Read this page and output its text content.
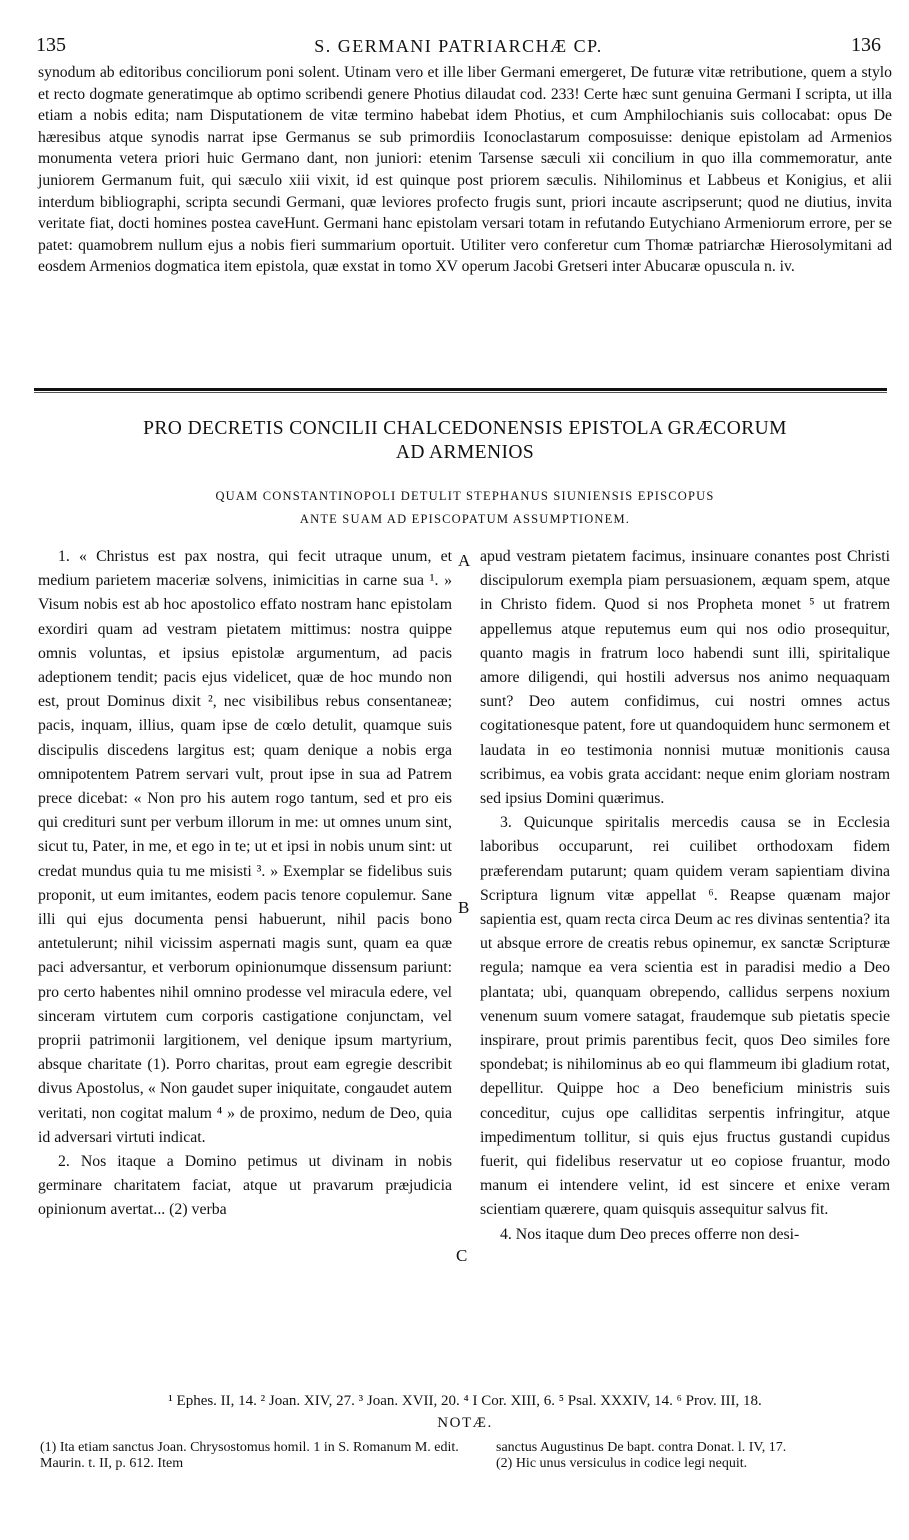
135	S. GERMANI PATRIARCHÆ CP.	136

synodum ab editoribus conciliorum poni solent. Utinam vero et ille liber Germani emergeret, De futuræ vitæ retributione, quem a stylo et recto dogmate generatimque ab optimo scribendi genere Photius dilaudat cod. 233! Certe hæc sunt genuina Germani I scripta, ut illa etiam a nobis edita; nam Disputationem de vitæ termino habebat idem Photius, et cum Amphilochianis suis collocabat: opus De hæresibus atque synodis narrat ipse Germanus se sub primordiis Iconoclastarum composuisse: denique epistolam ad Armenios monumenta vetera priori huic Germano dant, non juniori: etenim Tarsense sæculi xii concilium in quo illa commemoratur, ante juniorem Germanum fuit, qui sæculo xiii vixit, id est quinque post priorem sæculis. Nihilominus et Labbeus et Konigius, et alii interdum bibliographi, scripta secundi Germani, quæ leviores profecto frugis sunt, priori incaute ascripserunt; quod ne diutius, invita veritate fiat, docti homines postea caveHunt. Germani hanc epistolam versari totam in refutando Eutychiano Armeniorum errore, per se patet: quamobrem nullum ejus a nobis fieri summarium oportuit. Utiliter vero conferetur cum Thomæ patriarchæ Hierosolymitani ad eosdem Armenios dogmatica item epistola, quæ exstat in tomo XV operum Jacobi Gretseri inter Abucaræ opuscula n. iv.

PRO DECRETIS CONCILII CHALCEDONENSIS EPISTOLA GRÆCORUM
AD ARMENIOS
QUAM CONSTANTINOPOLI DETULIT STEPHANUS SIUNIENSIS EPISCOPUS
ANTE SUAM AD EPISCOPATUM ASSUMPTIONEM.

1. « Christus est pax nostra, qui fecit utraque unum, et medium parietem maceriæ solvens, inimicitias in carne sua ¹. » Visum nobis est ab hoc apostolico effato nostram hanc epistolam exordiri quam ad vestram pietatem mittimus: nostra quippe omnis voluntas, et ipsius epistolæ argumentum, ad pacis adeptionem tendit; pacis ejus videlicet, quæ de hoc mundo non est, prout Dominus dixit ², nec visibilibus rebus consentaneæ; pacis, inquam, illius, quam ipse de cœlo detulit, quamque suis discipulis discedens largitus est; quam denique a nobis erga omnipotentem Patrem servari vult, prout ipse in sua ad Patrem prece dicebat: « Non pro his autem rogo tantum, sed et pro eis qui credituri sunt per verbum illorum in me: ut omnes unum sint, sicut tu, Pater, in me, et ego in te; ut et ipsi in nobis unum sint: ut credat mundus quia tu me misisti ³. » Exemplar se fidelibus suis proponit, ut eum imitantes, eodem pacis tenore copulemur. Sane illi qui ejus documenta pensi habuerunt, nihil pacis bono antetulerunt; nihil vicissim aspernati magis sunt, quam ea quæ paci adversantur, et verborum opinionumque dissensum pariunt: pro certo habentes nihil omnino prodesse vel miracula edere, vel sinceram virtutem cum corporis castigatione conjunctam, vel proprii patrimonii largitionem, vel denique ipsum martyrium, absque charitate (1). Porro charitas, prout eam egregie describit divus Apostolus, « Non gaudet super iniquitate, congaudet autem veritati, non cogitat malum ⁴ » de proximo, nedum de Deo, quia id adversari virtuti indicat.

2. Nos itaque a Domino petimus ut divinam in nobis germinare charitatem faciat, atque ut pravarum præjudicia opinionum avertat... (2) verba

A
B
C

apud vestram pietatem facimus, insinuare conantes post Christi discipulorum exempla piam persuasionem, æquam spem, atque in Christo fidem. Quod si nos Propheta monet ⁵ ut fratrem appellemus atque reputemus eum qui nos odio prosequitur, quanto magis in fratrum loco habendi sunt illi, spiritalique amore diligendi, qui hostili adversus nos animo nequaquam sunt? Deo autem confidimus, cui nostri omnes actus cogitationesque patent, fore ut quandoquidem hunc sermonem et laudata in eo testimonia nonnisi mutuæ monitionis causa scribimus, ea vobis grata accidant: neque enim gloriam nostram sed ipsius Domini quærimus.

3. Quicunque spiritalis mercedis causa se in Ecclesia laboribus occuparunt, rei cuilibet orthodoxam fidem præferendam putarunt; quam quidem veram sapientiam divina Scriptura lignum vitæ appellat ⁶. Reapse quænam major sapientia est, quam recta circa Deum ac res divinas sententia? ita ut absque errore de creatis rebus opinemur, ex sanctæ Scripturæ regula; namque ea vera scientia est in paradisi medio a Deo plantata; ubi, quanquam obrependo, callidus serpens noxium venenum suum vomere satagat, fraudemque sub pietatis specie inspirare, prout primis parentibus fecit, quos Deo similes fore spondebat; is nihilominus ab eo qui flammeum ibi gladium rotat, depellitur. Quippe hoc a Deo beneficium ministris suis conceditur, cujus ope calliditas serpentis infringitur, atque impedimentum tollitur, si quis ejus fructus gustandi cupidus fuerit, qui fidelibus reservatur ut eo copiose fruantur, modo manum ei intendere velint, id est sincere et enixe veram scientiam quærere, quam quisquis assequitur salvus fit.

4. Nos itaque dum Deo preces offerre non desi-

¹ Ephes. II, 14. ² Joan. XIV, 27. ³ Joan. XVII, 20. ⁴ I Cor. XIII, 6. ⁵ Psal. XXXIV, 14. ⁶ Prov. III, 18.
NOTÆ.

(1) Ita etiam sanctus Joan. Chrysostomus homil. 1 in S. Romanum M. edit. Maurin. t. II, p. 612. Item

sanctus Augustinus De bapt. contra Donat. l. IV, 17.

(2) Hic unus versiculus in codice legi nequit.
